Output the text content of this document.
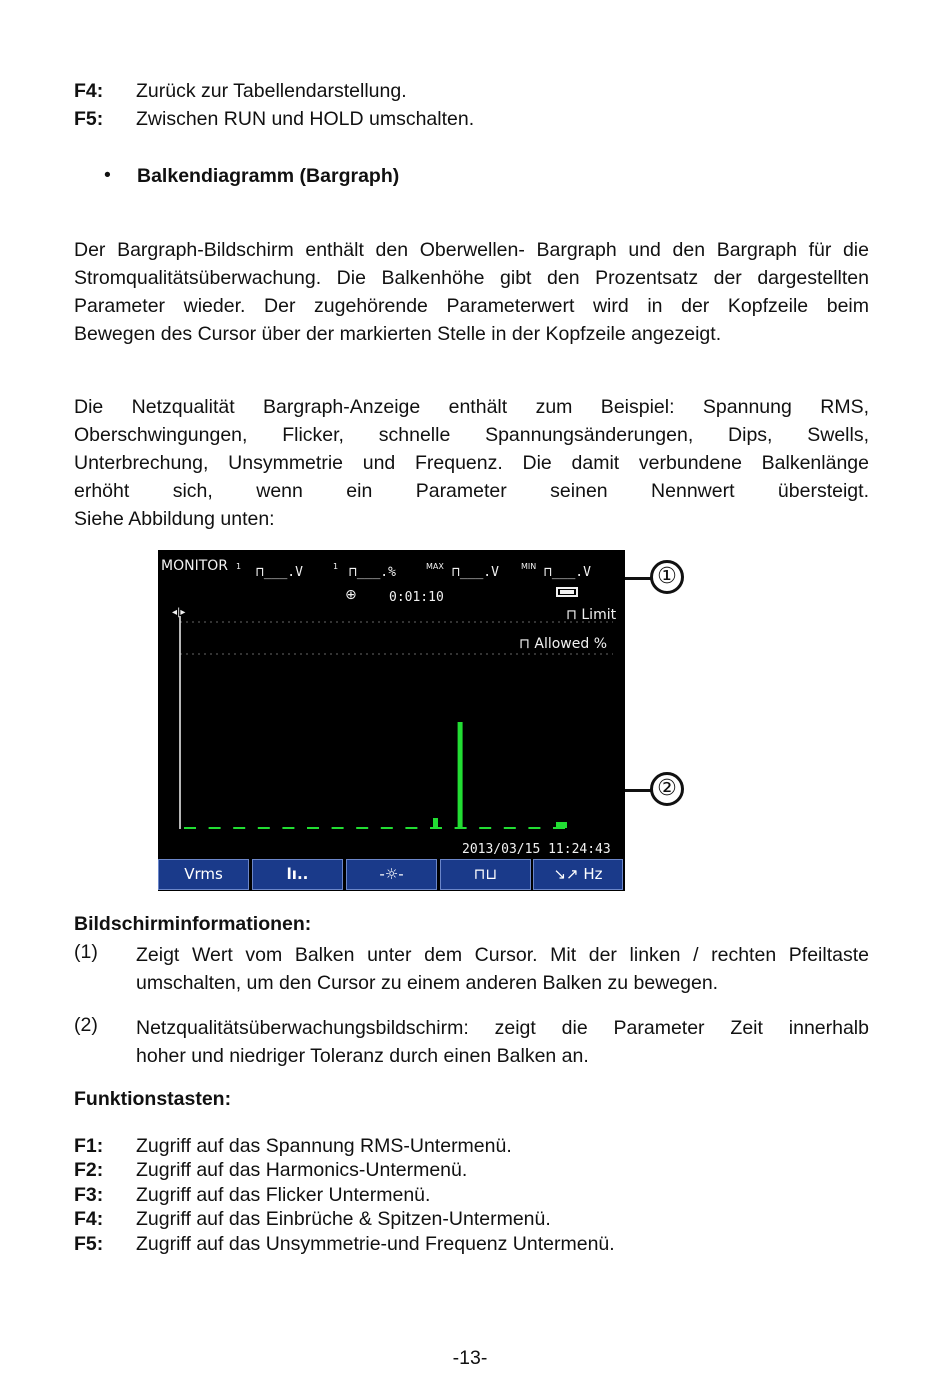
F4: Zurück zur Tabellendarstellung.
F5: Zwischen RUN und HOLD umschalten.
• Balkendiagramm (Bargraph)
Der Bargraph-Bildschirm enthält den Oberwellen- Bargraph und den Bargraph für die
Stromqualitätsüberwachung. Die Balkenhöhe gibt den Prozentsatz der dargestellten
Parameter wieder. Der zugehörende Parameterwert wird in der Kopfzeile beim
Bewegen des Cursor über der markierten Stelle in der Kopfzeile angezeigt.
Die Netzqualität Bargraph-Anzeige enthält zum Beispiel: Spannung RMS,
Oberschwingungen, Flicker, schnelle Spannungsänderungen, Dips, Swells,
Unterbrechung, Unsymmetrie und Frequenz. Die damit verbundene Balkenlänge
erhöht sich, wenn ein Parameter seinen Nennwert übersteigt.
Siehe Abbildung unten:
MONITOR 1 ⊓___.V	1 ⊓___.%	MAX ⊓___.V	MIN ⊓___.V
⊕ 0:01:10
⊓ Limit
⊓ Allowed %
◂|▸
2013/03/15 11:24:43
Vrms	lı..	-☼-	⊓⊔	↘↗ Hz
①
②
Bildschirminformationen:
(1) Zeigt Wert vom Balken unter dem Cursor. Mit der linken / rechten Pfeiltaste
umschalten, um den Cursor zu einem anderen Balken zu bewegen.
(2) Netzqualitätsüberwachungsbildschirm: zeigt die Parameter Zeit innerhalb
hoher und niedriger Toleranz durch einen Balken an.
Funktionstasten:
F1: Zugriff auf das Spannung RMS-Untermenü.
F2: Zugriff auf das Harmonics-Untermenü.
F3: Zugriff auf das Flicker Untermenü.
F4: Zugriff auf das Einbrüche & Spitzen-Untermenü.
F5: Zugriff auf das Unsymmetrie-und Frequenz Untermenü.
-13-
